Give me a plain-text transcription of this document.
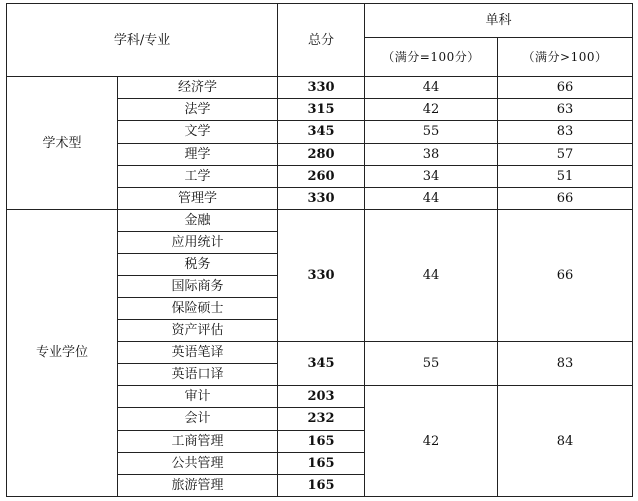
学科/专业		总分	单科	
			（满分=100分）	（满分>100）
学术型	经济学	330	44	66
	法学	315	42	63
	文学	345	55	83
	理学	280	38	57
	工学	260	34	51
	管理学	330	44	66
专业学位	金融	330	44	66
	应用统计			
	税务			
	国际商务			
	保险硕士			
	资产评估			
	英语笔译	345	55	83
	英语口译			
	审计	203	42	84
	会计	232		
	工商管理	165		
	公共管理	165		
	旅游管理	165		
